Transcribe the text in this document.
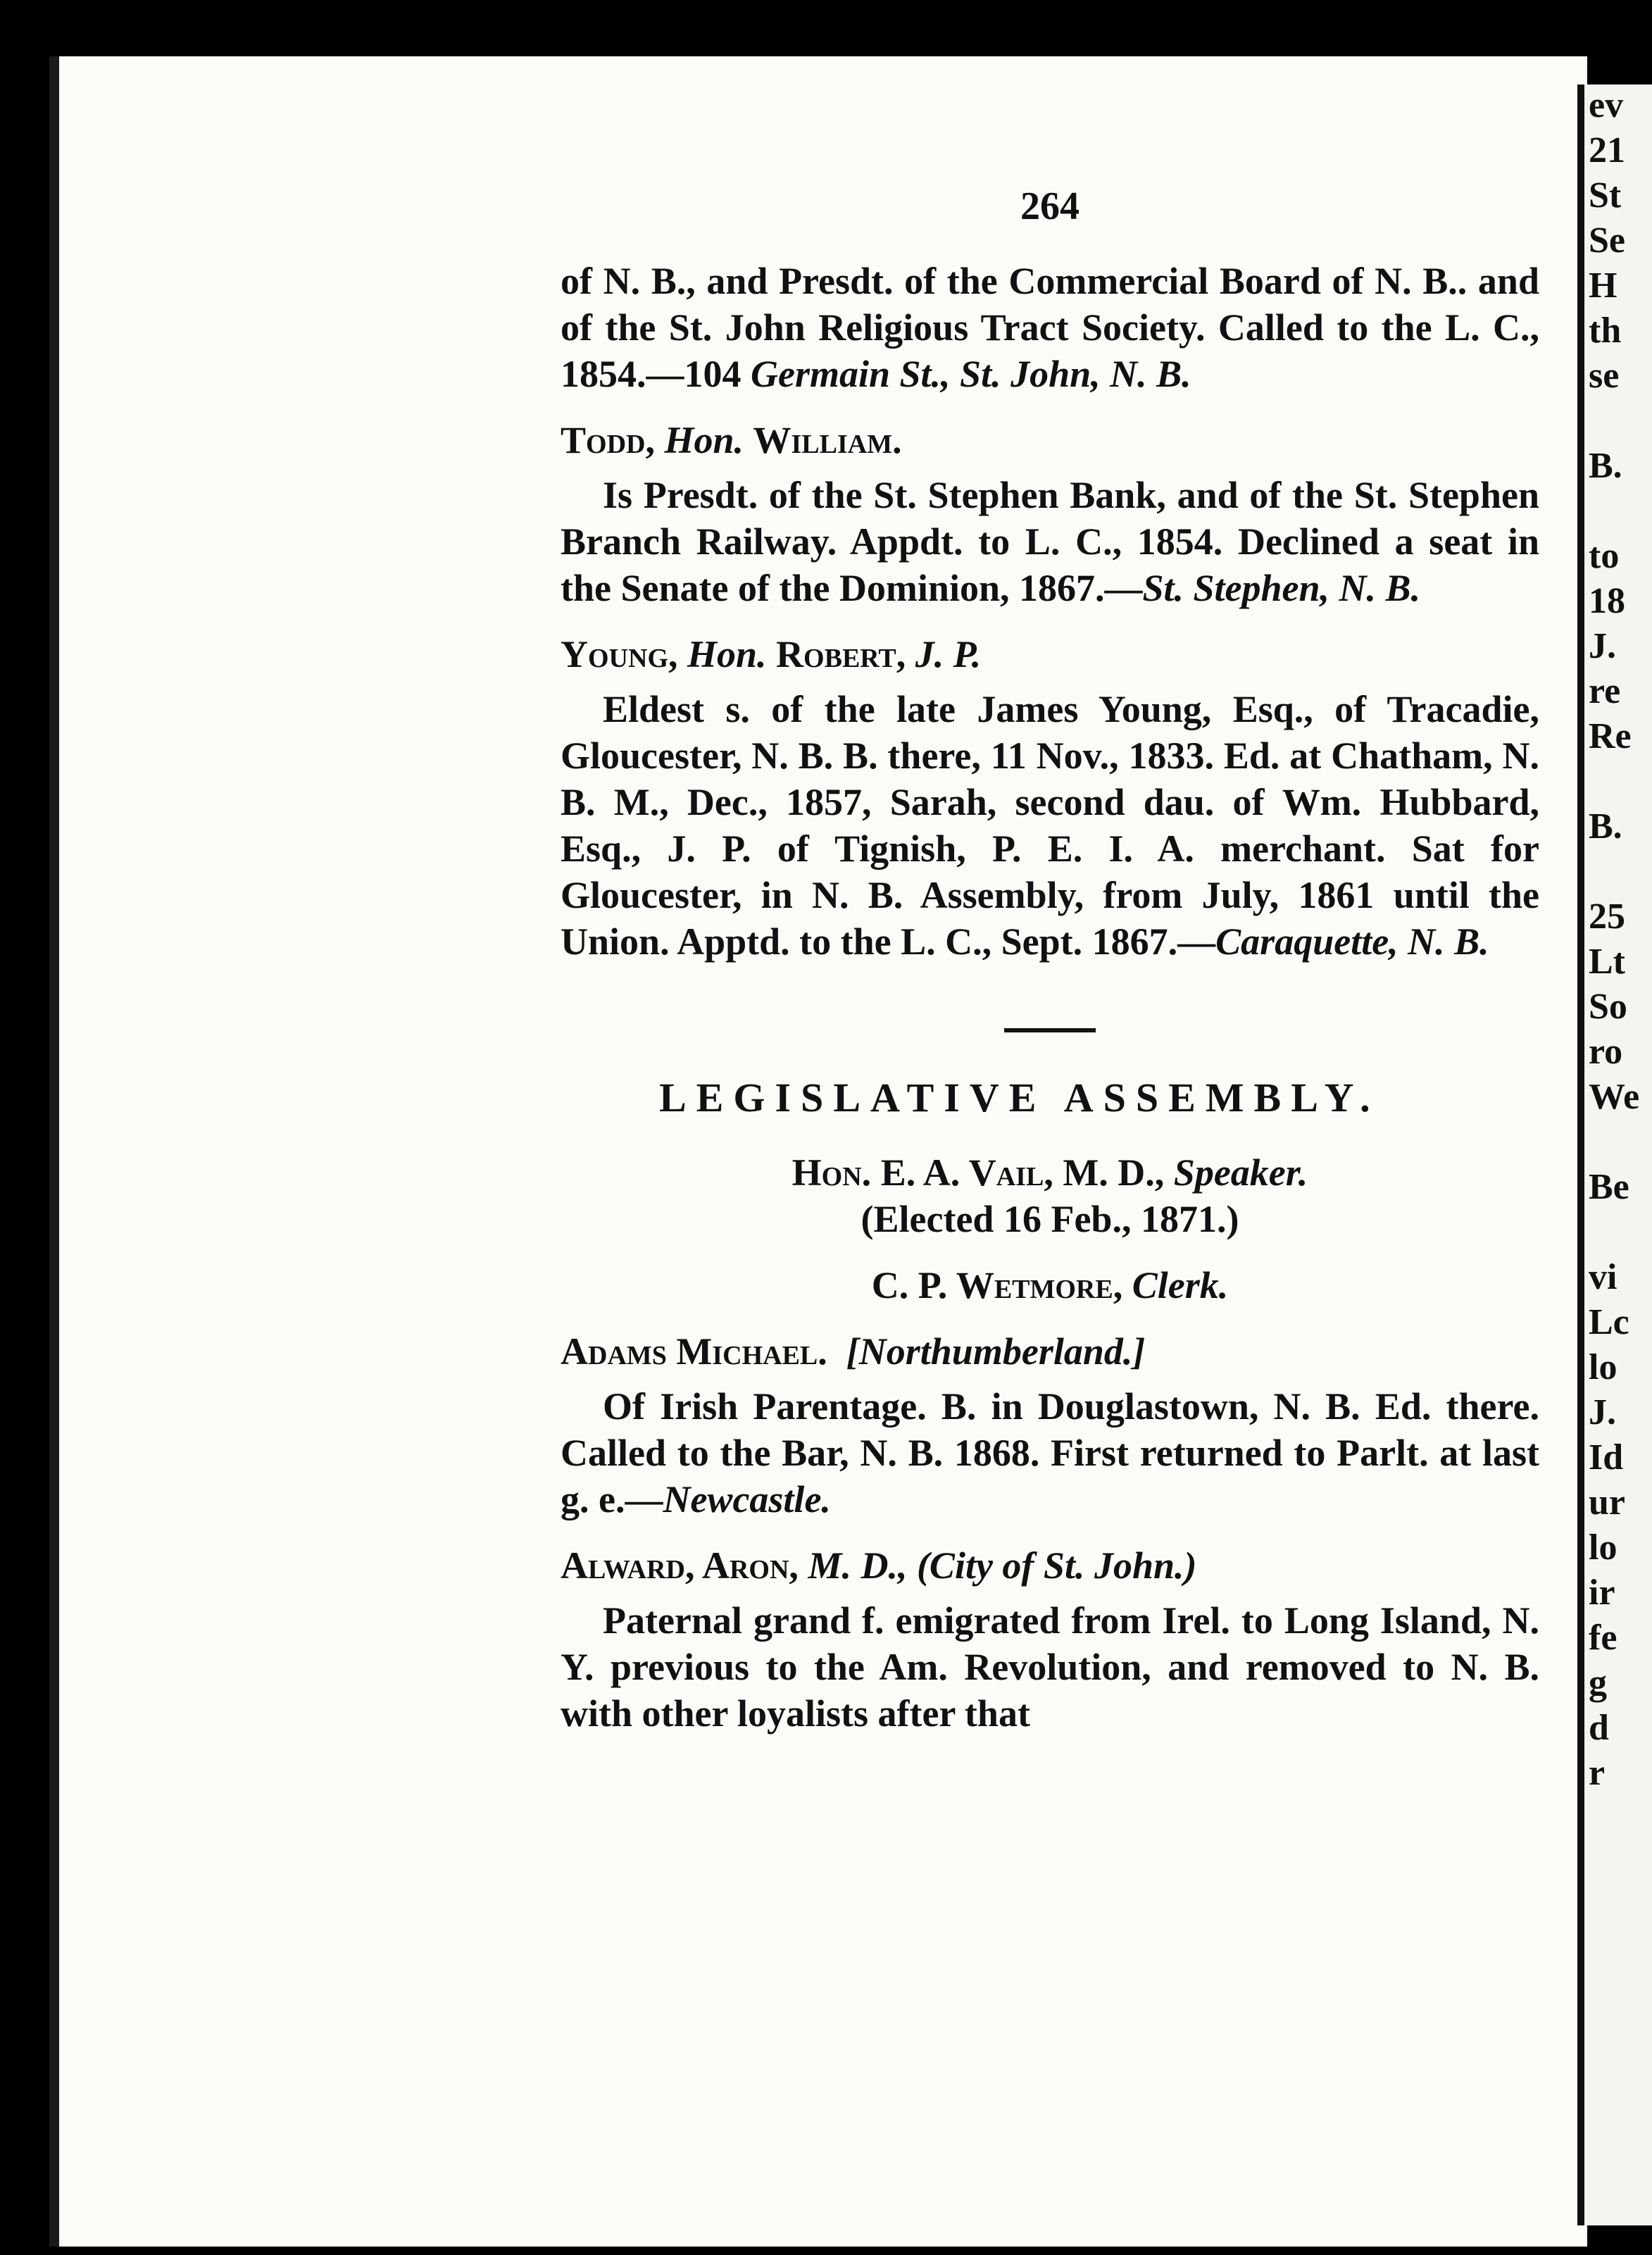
ev
21
St
Se
H
th
se
B.
to
18
J.
re
Re
B.
25
Lt
So
ro
We
Be
vi
Lc
lo
J.
Id
ur
lo
ir
fe
g
d
r
264

of N. B., and Presdt. of the Commercial Board of N. B.. and of the St. John Religious Tract Society. Called to the L. C., 1854.—104 Germain St., St. John, N. B.

Todd, Hon. William.

Is Presdt. of the St. Stephen Bank, and of the St. Stephen Branch Railway. Appdt. to L. C., 1854. Declined a seat in the Senate of the Dominion, 1867.—St. Stephen, N. B.

Young, Hon. Robert, J. P.

Eldest s. of the late James Young, Esq., of Tracadie, Gloucester, N. B. B. there, 11 Nov., 1833. Ed. at Chatham, N. B. M., Dec., 1857, Sarah, second dau. of Wm. Hubbard, Esq., J. P. of Tignish, P. E. I. A. merchant. Sat for Gloucester, in N. B. Assembly, from July, 1861 until the Union. Apptd. to the L. C., Sept. 1867.—Caraquette, N. B.

LEGISLATIVE ASSEMBLY.
Hon. E. A. Vail, M. D., Speaker.
(Elected 16 Feb., 1871.)
C. P. Wetmore, Clerk.
Adams Michael. [Northumberland.]

Of Irish Parentage. B. in Douglastown, N. B. Ed. there. Called to the Bar, N. B. 1868. First returned to Parlt. at last g. e.—Newcastle.

Alward, Aron, M. D., (City of St. John.)

Paternal grand f. emigrated from Irel. to Long Island, N. Y. previous to the Am. Revolution, and removed to N. B. with other loyalists after that
